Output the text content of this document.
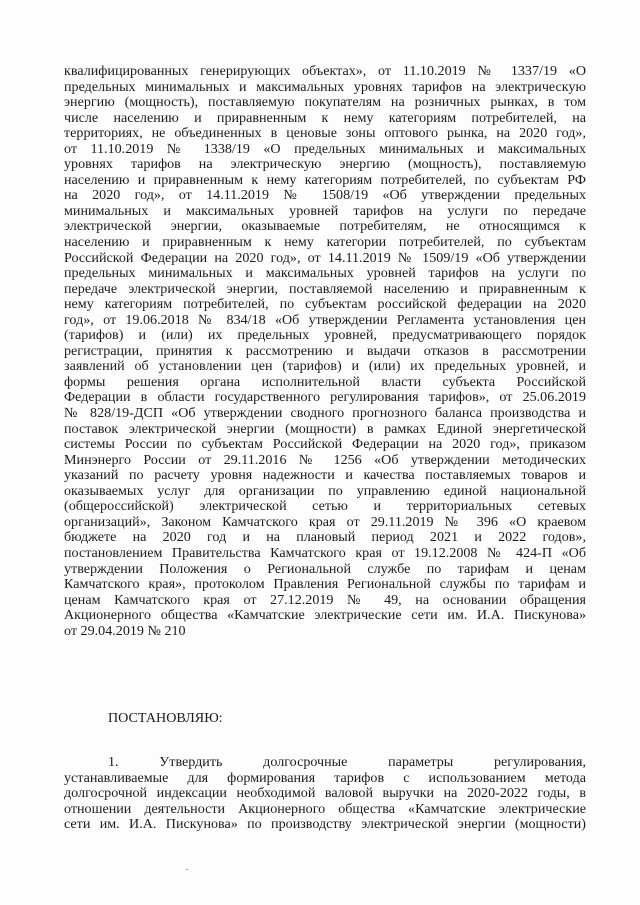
квалифицированных генерирующих объектах», от 11.10.2019 № 1337/19 «О
предельных минимальных и максимальных уровнях тарифов на электрическую
энергию (мощность), поставляемую покупателям на розничных рынках, в том
числе населению и приравненным к нему категориям потребителей, на
территориях, не объединенных в ценовые зоны оптового рынка, на 2020 год»,
от 11.10.2019 № 1338/19 «О предельных минимальных и максимальных
уровнях тарифов на электрическую энергию (мощность), поставляемую
населению и приравненным к нему категориям потребителей, по субъектам РФ
на 2020 год», от 14.11.2019 № 1508/19 «Об утверждении предельных
минимальных и максимальных уровней тарифов на услуги по передаче
электрической энергии, оказываемые потребителям, не относящимся к
населению и приравненным к нему категории потребителей, по субъектам
Российской Федерации на 2020 год», от 14.11.2019 № 1509/19 «Об утверждении
предельных минимальных и максимальных уровней тарифов на услуги по
передаче электрической энергии, поставляемой населению и приравненным к
нему категориям потребителей, по субъектам российской федерации на 2020
год», от 19.06.2018 № 834/18 «Об утверждении Регламента установления цен
(тарифов) и (или) их предельных уровней, предусматривающего порядок
регистрации, принятия к рассмотрению и выдачи отказов в рассмотрении
заявлений об установлении цен (тарифов) и (или) их предельных уровней, и
формы решения органа исполнительной власти субъекта Российской
Федерации в области государственного регулирования тарифов», от 25.06.2019
№ 828/19-ДСП «Об утверждении сводного прогнозного баланса производства и
поставок электрической энергии (мощности) в рамках Единой энергетической
системы России по субъектам Российской Федерации на 2020 год», приказом
Минэнерго России от 29.11.2016 № 1256 «Об утверждении методических
указаний по расчету уровня надежности и качества поставляемых товаров и
оказываемых услуг для организации по управлению единой национальной
(общероссийской) электрической сетью и территориальных сетевых
организаций», Законом Камчатского края от 29.11.2019 № 396 «О краевом
бюджете на 2020 год и на плановый период 2021 и 2022 годов»,
постановлением Правительства Камчатского края от 19.12.2008 № 424-П «Об
утверждении Положения о Региональной службе по тарифам и ценам
Камчатского края», протоколом Правления Региональной службы по тарифам и
ценам Камчатского края от 27.12.2019 № 49, на основании обращения
Акционерного общества «Камчатские электрические сети им. И.А. Пискунова»
от 29.04.2019 № 210
ПОСТАНОВЛЯЮ:
1. Утвердить долгосрочные параметры регулирования,
устанавливаемые для формирования тарифов с использованием метода
долгосрочной индексации необходимой валовой выручки на 2020-2022 годы, в
отношении деятельности Акционерного общества «Камчатские электрические
сети им. И.А. Пискунова» по производству электрической энергии (мощности)
